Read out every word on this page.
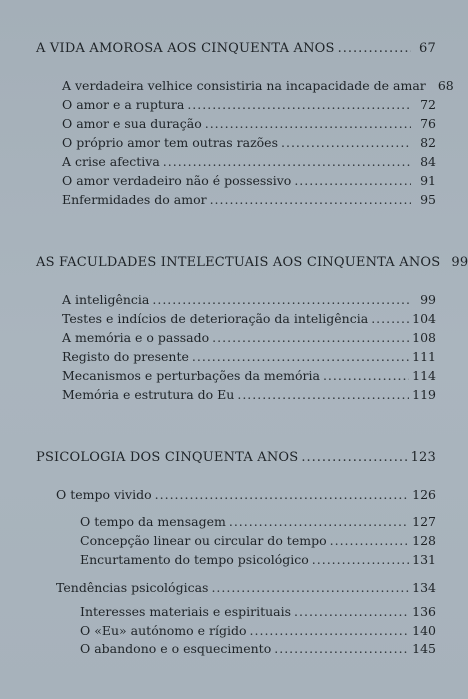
A VIDA AMOROSA AOS CINQUENTA ANOS .....	67
A verdadeira velhice consistiria na incapacidade de amar 68
O amor e a ruptura .....	72
O amor e sua duração .....	76
O próprio amor tem outras razões .....	82
A crise afectiva .....	84
O amor verdadeiro não é possessivo .....	91
Enfermidades do amor .....	95
AS FACULDADES INTELECTUAIS AOS CINQUENTA ANOS 99
A inteligência .....	99
Testes e indícios de deterioração da inteligência .....	104
A memória e o passado .....	108
Registo do presente .....	111
Mecanismos e perturbações da memória .....	114
Memória e estrutura do Eu .....	119
PSICOLOGIA DOS CINQUENTA ANOS .....	123
O tempo vivido .....	126
O tempo da mensagem .....	127
Concepção linear ou circular do tempo .....	128
Encurtamento do tempo psicológico .....	131
Tendências psicológicas .....	134
Interesses materiais e espirituais .....	136
O «Eu» autónomo e rígido .....	140
O abandono e o esquecimento .....	145
